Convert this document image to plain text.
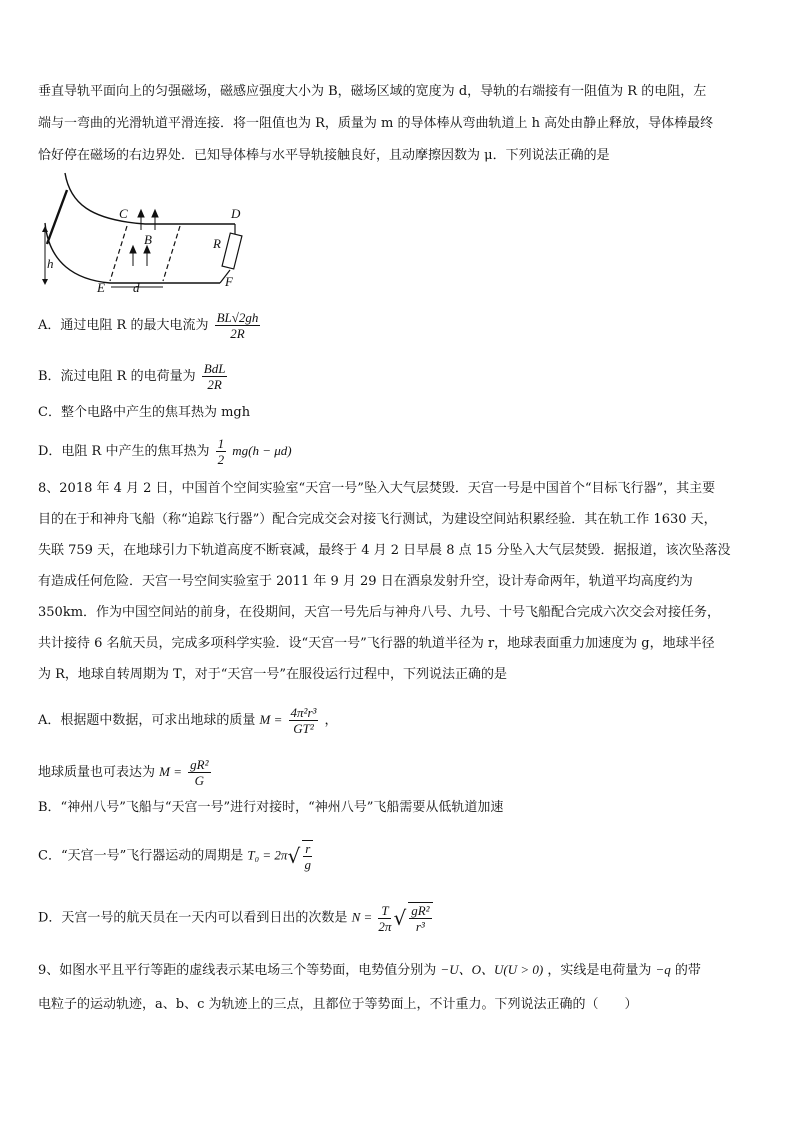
垂直导轨平面向上的匀强磁场，磁感应强度大小为 B，磁场区域的宽度为 d，导轨的右端接有一阻值为 R 的电阻，左
端与一弯曲的光滑轨道平滑连接．将一阻值也为 R，质量为 m 的导体棒从弯曲轨道上 h 高处由静止释放，导体棒最终
恰好停在磁场的右边界处．已知导体棒与水平导轨接触良好，且动摩擦因数为 μ．下列说法正确的是
C	D
B	R
h
E d	F
A．通过电阻 R 的最大电流为 $\frac{BL√2gh}{2R}$
B．流过电阻 R 的电荷量为 $\frac{\text{BdL}}{2R}$
C．整个电路中产生的焦耳热为 mgh
D．电阻 R 中产生的焦耳热为 $\frac{1}{2} mg(h - \mu d)$
8、2018 年 4 月 2 日，中国首个空间实验室“天宫一号”坠入大气层焚毁．天宫一号是中国首个“目标飞行器”，其主要
目的在于和神舟飞船（称“追踪飞行器”）配合完成交会对接飞行测试，为建设空间站积累经验．其在轨工作 1630 天，
失联 759 天，在地球引力下轨道高度不断衰减，最终于 4 月 2 日早晨 8 点 15 分坠入大气层焚毁．据报道，该次坠落没
有造成任何危险．天宫一号空间实验室于 2011 年 9 月 29 日在酒泉发射升空，设计寿命两年，轨道平均高度约为
350km．作为中国空间站的前身，在役期间，天宫一号先后与神舟八号、九号、十号飞船配合完成六次交会对接任务，
共计接待 6 名航天员，完成多项科学实验．设“天宫一号”飞行器的轨道半径为 r，地球表面重力加速度为 g，地球半径
为 R，地球自转周期为 T，对于“天宫一号”在服役运行过程中，下列说法正确的是
A．根据题中数据，可求出地球的质量 $M = \frac{\text{4π²r³}}{\text{GT²}}$ ，
地球质量也可表达为 $M = \frac{\text{gR²}}{G}$
B．“神州八号”飞船与“天宫一号”进行对接时，“神州八号”飞船需要从低轨道加速
C．“天宫一号”飞行器运动的周期是 $T_0 = 2\pi√ \frac{r}{g}$
D．天宫一号的航天员在一天内可以看到日出的次数是 $N = \frac{T}{2\pi}$ √ $\frac{\text{gR²}}{\text{r³}}$
9、如图水平且平行等距的虚线表示某电场三个等势面，电势值分别为 −U、O、U(U > 0) ，实线是电荷量为 −q 的带
电粒子的运动轨迹，a、b、c 为轨迹上的三点，且都位于等势面上，不计重力。下列说法正确的（　　）
